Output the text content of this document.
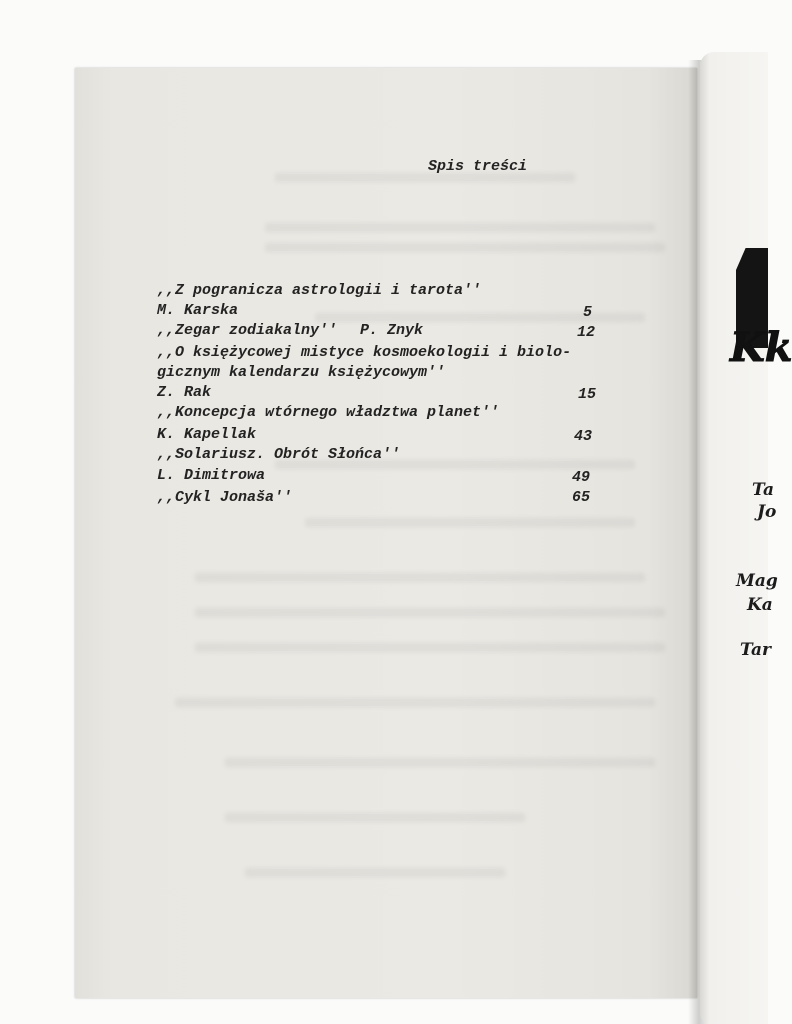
Spis treści
,,Z pogranicza astrologii i tarota''
M. Karska	5
,,Zegar zodiakalny'' P. Znyk	12
,,O księżycowej mistyce kosmoekologii i biolo-
gicznym kalendarzu księżycowym''
Z. Rak	15
,,Koncepcja wtórnego władztwa planet''
K. Kapellak	43
,,Solariusz. Obrót Słońca''
L. Dimitrowa	49
,,Cykl Jonaša''	65
Kk
Ta
Jo
Mag
Ka
Tar
